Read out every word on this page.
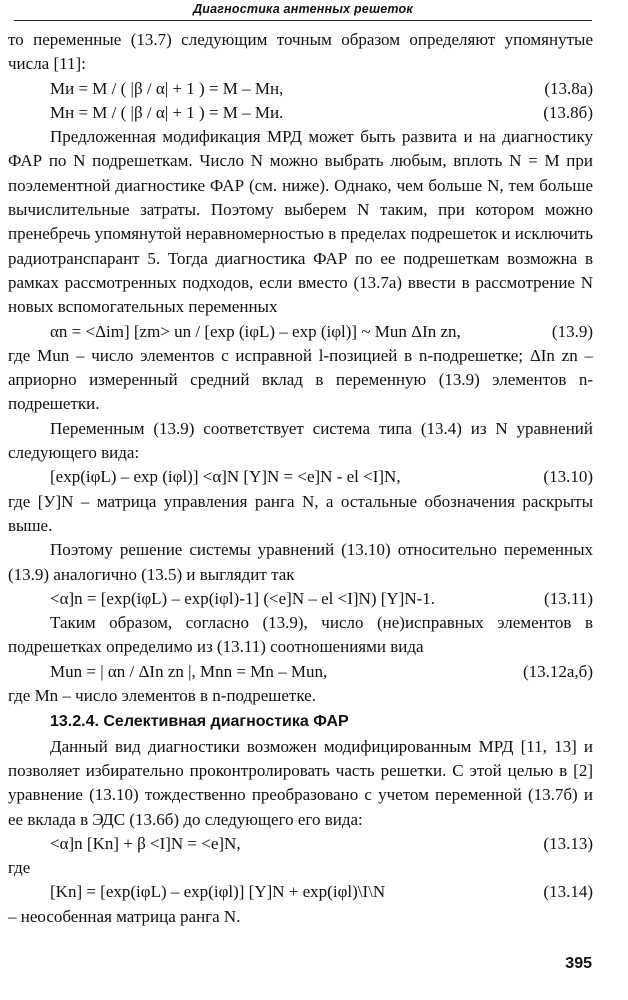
Диагностика антенных решеток

то переменные (13.7) следующим точным образом определяют упомянутые числа [11]:

Mи = M / ( |β / α| + 1 ) = M – Mн,	(13.8а)
Mн = M / ( |β / α| + 1 ) = M – Mи.	(13.8б)

Предложенная модификация МРД может быть развита и на диагностику ФАР по N подрешеткам. Число N можно выбрать любым, вплоть N = M при поэлементной диагностике ФАР (см. ниже). Однако, чем больше N, тем больше вычислительные затраты. Поэтому выберем N таким, при котором можно пренебречь упомянутой неравномерностью в пределах подрешеток и исключить радиотранспарант 5. Тогда диагностика ФАР по ее подрешеткам возможна в рамках рассмотренных подходов, если вместо (13.7а) ввести в рассмотрение N новых вспомогательных переменных

αn = <Δim] [zm> un / [exp (iφL) – exp (iφl)] ~ Mun ΔIn zn,	(13.9)

где Mun – число элементов с исправной l-позицией в n-подрешетке; ΔIn zn – априорно измеренный средний вклад в переменную (13.9) элементов n-подрешетки.

Переменным (13.9) соответствует система типа (13.4) из N уравнений следующего вида:

[exp(iφL) – exp (iφl)] <α]N [Y]N = <e]N - el <I]N,	(13.10)

где [У]N – матрица управления ранга N, а остальные обозначения раскрыты выше.

Поэтому решение системы уравнений (13.10) относительно переменных (13.9) аналогично (13.5) и выглядит так

<α]n = [exp(iφL) – exp(iφl)-1] (<e]N – el <I]N) [Y]N-1.	(13.11)

Таким образом, согласно (13.9), число (не)исправных элементов в подрешетках определимо из (13.11) соотношениями вида

Mun = | αn / ΔIn zn |, Mnn = Mn – Mun,	(13.12а,б)

где Mn – число элементов в n-подрешетке.

13.2.4. Селективная диагностика ФАР

Данный вид диагностики возможен модифицированным МРД [11, 13] и позволяет избирательно проконтролировать часть решетки. С этой целью в [2] уравнение (13.10) тождественно преобразовано с учетом переменной (13.7б) и ее вклада в ЭДС (13.6б) до следующего его вида:

<α]n [Kn] + β <I]N = <e]N,	(13.13)

где

[Kn] = [exp(iφL) – exp(iφl)] [Y]N + exp(iφl)\I\N	(13.14)

– неособенная матрица ранга N.

395
